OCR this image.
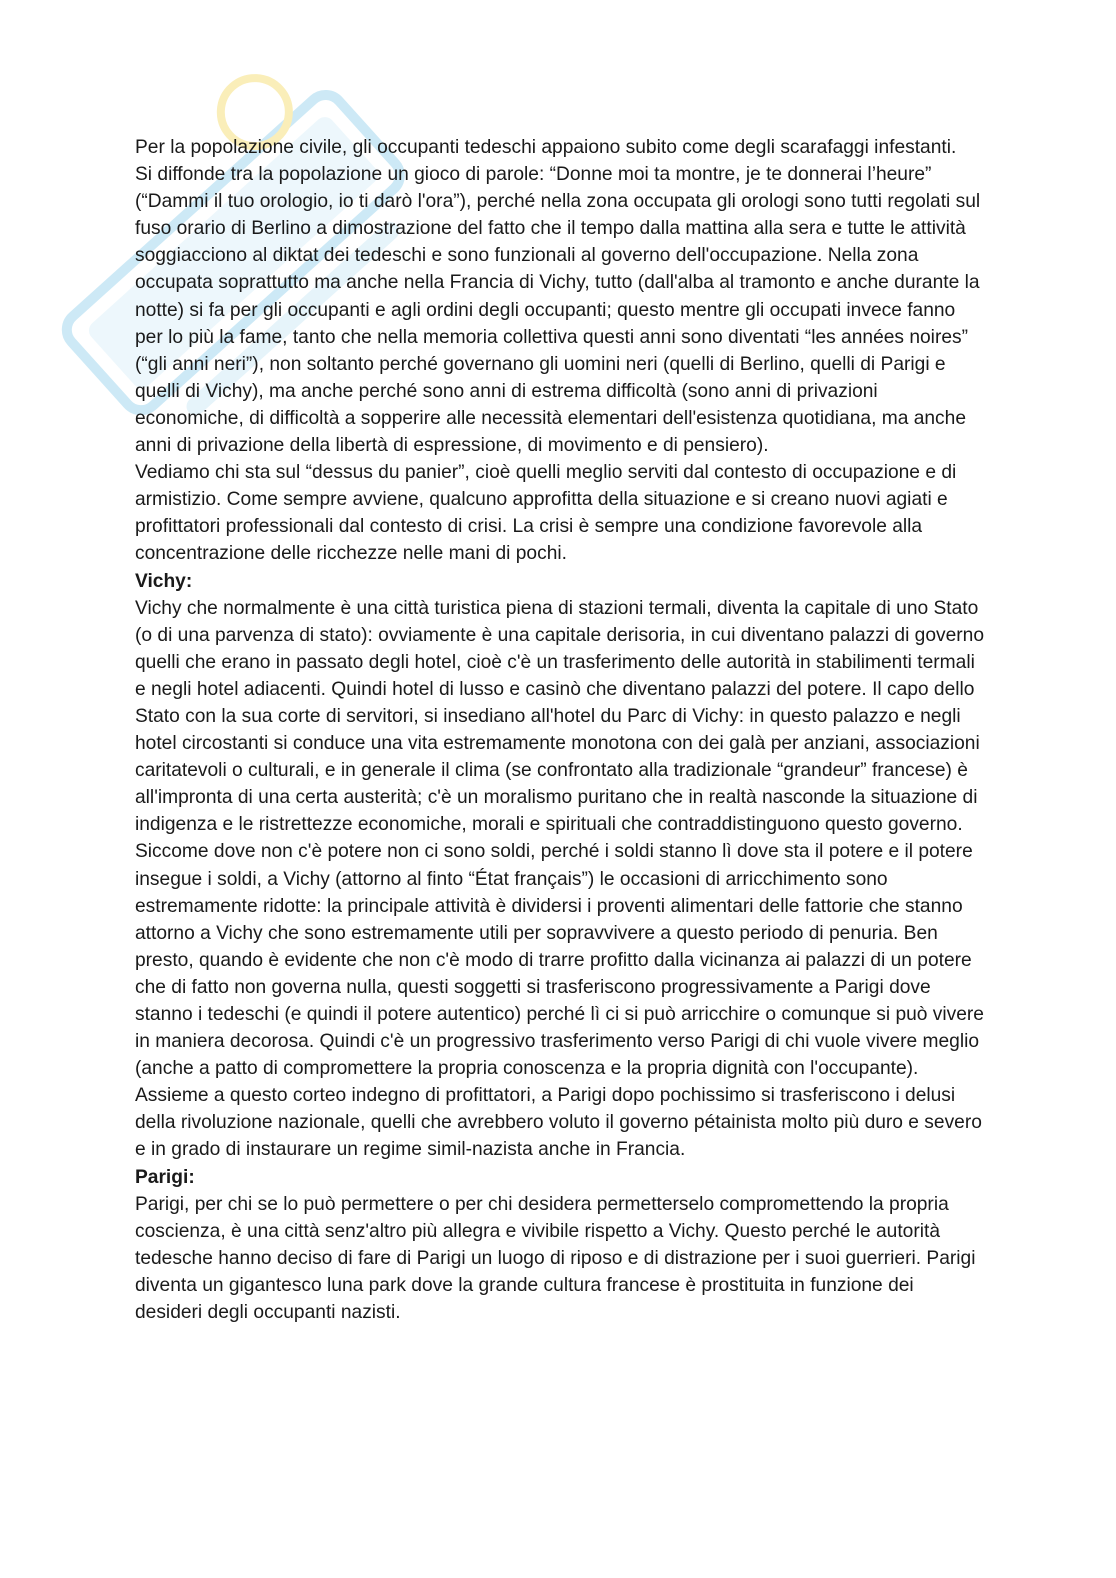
Per la popolazione civile, gli occupanti tedeschi appaiono subito come degli scarafaggi infestanti.

Si diffonde tra la popolazione un gioco di parole: “Donne moi ta montre, je te donnerai l’heure” (“Dammi il tuo orologio, io ti darò l'ora”), perché nella zona occupata gli orologi sono tutti regolati sul fuso orario di Berlino a dimostrazione del fatto che il tempo dalla mattina alla sera e tutte le attività soggiacciono al diktat dei tedeschi e sono funzionali al governo dell'occupazione. Nella zona occupata soprattutto ma anche nella Francia di Vichy, tutto (dall'alba al tramonto e anche durante la notte) si fa per gli occupanti e agli ordini degli occupanti; questo mentre gli occupati invece fanno per lo più la fame, tanto che nella memoria collettiva questi anni sono diventati “les années noires” (“gli anni neri”), non soltanto perché governano gli uomini neri (quelli di Berlino, quelli di Parigi e quelli di Vichy), ma anche perché sono anni di estrema difficoltà (sono anni di privazioni economiche, di difficoltà a sopperire alle necessità elementari dell'esistenza quotidiana, ma anche anni di privazione della libertà di espressione, di movimento e di pensiero).

Vediamo chi sta sul “dessus du panier”, cioè quelli meglio serviti dal contesto di occupazione e di armistizio. Come sempre avviene, qualcuno approfitta della situazione e si creano nuovi agiati e profittatori professionali dal contesto di crisi. La crisi è sempre una condizione favorevole alla concentrazione delle ricchezze nelle mani di pochi.

Vichy:

Vichy che normalmente è una città turistica piena di stazioni termali, diventa la capitale di uno Stato (o di una parvenza di stato): ovviamente è una capitale derisoria, in cui diventano palazzi di governo quelli che erano in passato degli hotel, cioè c'è un trasferimento delle autorità in stabilimenti termali e negli hotel adiacenti. Quindi hotel di lusso e casinò che diventano palazzi del potere. Il capo dello Stato con la sua corte di servitori, si insediano all'hotel du Parc di Vichy: in questo palazzo e negli hotel circostanti si conduce una vita estremamente monotona con dei galà per anziani, associazioni caritatevoli o culturali, e in generale il clima (se confrontato alla tradizionale “grandeur” francese) è all'impronta di una certa austerità; c'è un moralismo puritano che in realtà nasconde la situazione di indigenza e le ristrettezze economiche, morali e spirituali che contraddistinguono questo governo.

Siccome dove non c'è potere non ci sono soldi, perché i soldi stanno lì dove sta il potere e il potere insegue i soldi, a Vichy (attorno al finto “État français”) le occasioni di arricchimento sono estremamente ridotte: la principale attività è dividersi i proventi alimentari delle fattorie che stanno attorno a Vichy che sono estremamente utili per sopravvivere a questo periodo di penuria. Ben presto, quando è evidente che non c'è modo di trarre profitto dalla vicinanza ai palazzi di un potere che di fatto non governa nulla, questi soggetti si trasferiscono progressivamente a Parigi dove stanno i tedeschi (e quindi il potere autentico) perché lì ci si può arricchire o comunque si può vivere in maniera decorosa. Quindi c'è un progressivo trasferimento verso Parigi di chi vuole vivere meglio (anche a patto di compromettere la propria conoscenza e la propria dignità con l'occupante). Assieme a questo corteo indegno di profittatori, a Parigi dopo pochissimo si trasferiscono i delusi della rivoluzione nazionale, quelli che avrebbero voluto il governo pétainista molto più duro e severo e in grado di instaurare un regime simil-nazista anche in Francia.

Parigi:

Parigi, per chi se lo può permettere o per chi desidera permetterselo compromettendo la propria coscienza, è una città senz'altro più allegra e vivibile rispetto a Vichy. Questo perché le autorità tedesche hanno deciso di fare di Parigi un luogo di riposo e di distrazione per i suoi guerrieri. Parigi diventa un gigantesco luna park dove la grande cultura francese è prostituita in funzione dei desideri degli occupanti nazisti.
